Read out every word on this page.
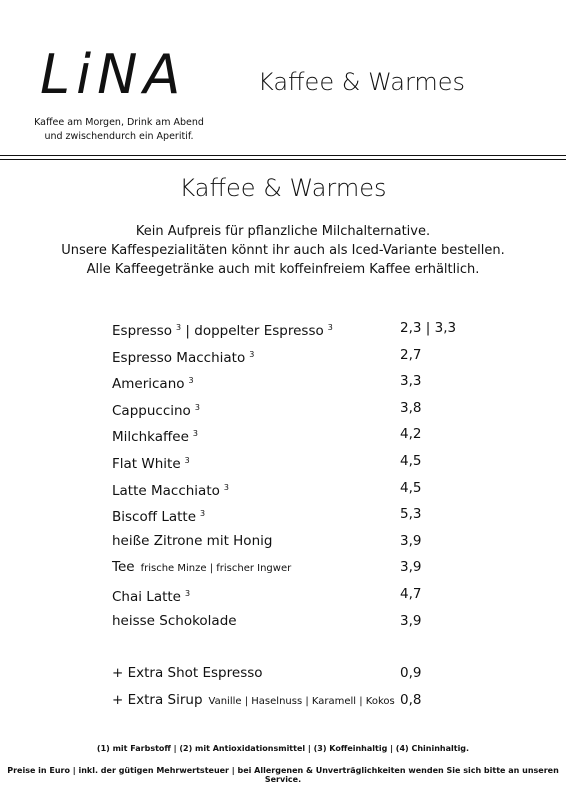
LiNA
Kaffee am Morgen, Drink am Abend
und zwischendurch ein Aperitif.
Kaffee & Warmes
Kaffee & Warmes
Kein Aufpreis für pflanzliche Milchalternative.
Unsere Kaffespezialitäten könnt ihr auch als Iced-Variante bestellen.
Alle Kaffeegetränke auch mit koffeinfreiem Kaffee erhältlich.
Espresso $^3$ | doppelter Espresso $^3$	2,3 | 3,3
Espresso Macchiato $^3$	2,7
Americano $^3$	3,3
Cappuccino $^3$	3,8
Milchkaffee $^3$	4,2
Flat White $^3$	4,5
Latte Macchiato $^3$	4,5
Biscoff Latte $^3$	5,3
heiße Zitrone mit Honig	3,9
Tee frische Minze | frischer Ingwer	3,9
Chai Latte $^3$	4,7
heisse Schokolade	3,9
+ Extra Shot Espresso	0,9
+ Extra Sirup Vanille | Haselnuss | Karamell | Kokos 0,8
(1) mit Farbstoff | (2) mit Antioxidationsmittel | (3) Koffeinhaltig | (4) Chininhaltig.
Preise in Euro | inkl. der gütigen Mehrwertsteuer | bei Allergenen & Unverträglichkeiten wenden Sie sich bitte an unseren Service.
